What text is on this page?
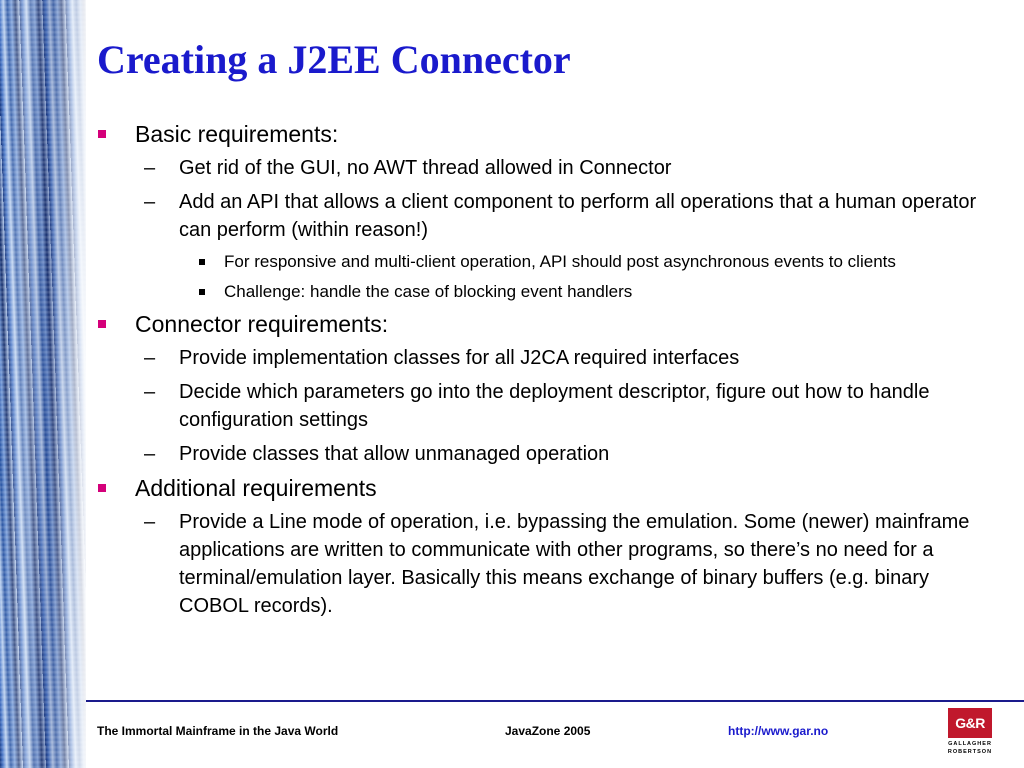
Creating a J2EE Connector
Basic requirements:
– Get rid of the GUI, no AWT thread allowed in Connector
– Add an API that allows a client component to perform all operations that a human operator can perform (within reason!)
For responsive and multi-client operation, API should post asynchronous events to clients
Challenge: handle the case of blocking event handlers
Connector requirements:
– Provide implementation classes for all J2CA required interfaces
– Decide which parameters go into the deployment descriptor, figure out how to handle configuration settings
– Provide classes that allow unmanaged operation
Additional requirements
– Provide a Line mode of operation, i.e. bypassing the emulation. Some (newer) mainframe applications are written to communicate with other programs, so there’s no need for a terminal/emulation layer. Basically this means exchange of binary buffers (e.g. binary COBOL records).
The Immortal Mainframe in the Java World	JavaZone 2005	http://www.gar.no	G&R
GALLAGHER
ROBERTSON
